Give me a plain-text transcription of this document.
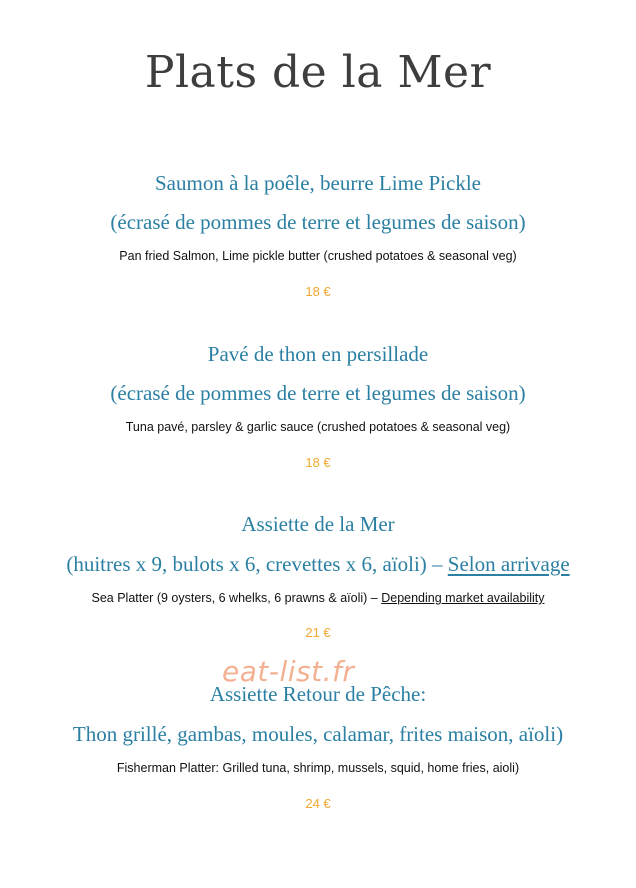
Plats de la Mer
Saumon à la poêle, beurre Lime Pickle
(écrasé de pommes de terre et legumes de saison)
Pan fried Salmon, Lime pickle butter (crushed potatoes & seasonal veg)
18 €
Pavé de thon en persillade
(écrasé de pommes de terre et legumes de saison)
Tuna pavé, parsley & garlic sauce (crushed potatoes & seasonal veg)
18 €
Assiette de la Mer
(huitres x 9, bulots x 6, crevettes x 6, aïoli) – Selon arrivage
Sea Platter (9 oysters, 6 whelks, 6 prawns & aïoli) – Depending market availability
21 €
Assiette Retour de Pêche:
Thon grillé, gambas, moules, calamar, frites maison, aïoli)
Fisherman Platter: Grilled tuna, shrimp, mussels, squid, home fries, aioli)
24 €
eat-list.fr
